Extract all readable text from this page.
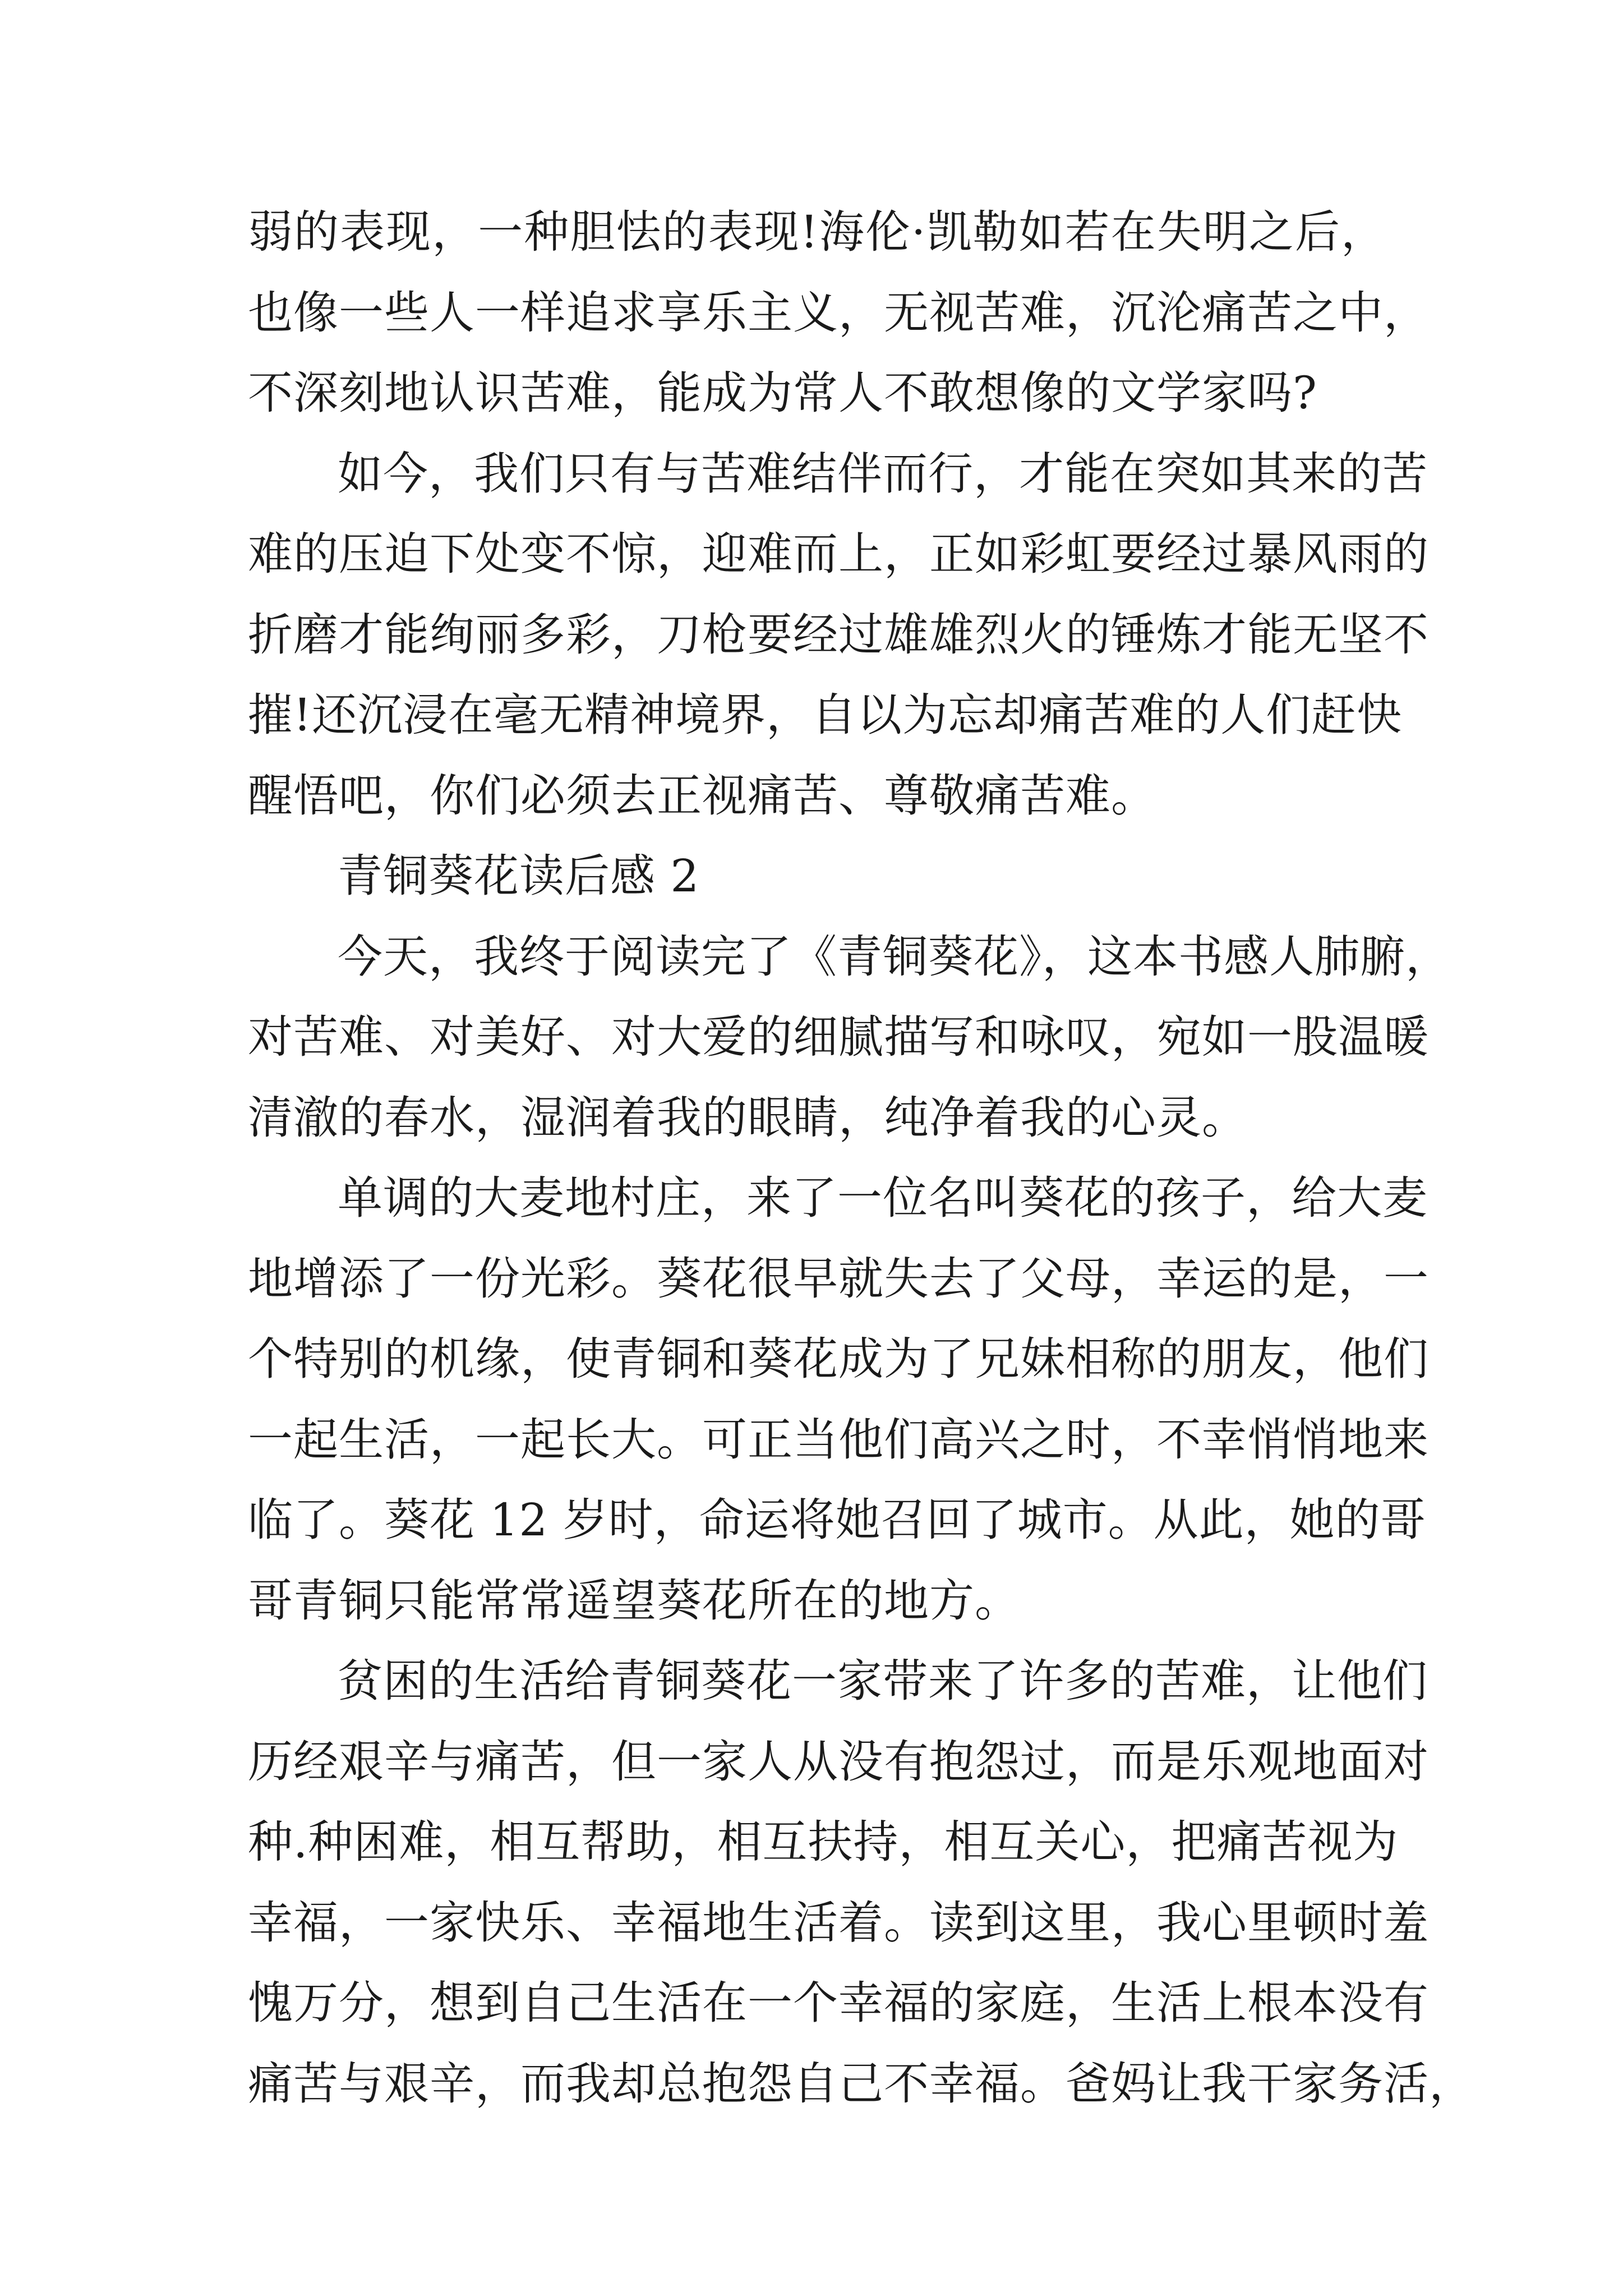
弱的表现，一种胆怯的表现!海伦·凯勒如若在失明之后，
也像一些人一样追求享乐主义，无视苦难，沉沦痛苦之中，
不深刻地认识苦难，能成为常人不敢想像的文学家吗?
如今，我们只有与苦难结伴而行，才能在突如其来的苦
难的压迫下处变不惊，迎难而上，正如彩虹要经过暴风雨的
折磨才能绚丽多彩，刀枪要经过雄雄烈火的锤炼才能无坚不
摧!还沉浸在毫无精神境界，自以为忘却痛苦难的人们赶快
醒悟吧，你们必须去正视痛苦、尊敬痛苦难。
青铜葵花读后感 2
今天，我终于阅读完了《青铜葵花》，这本书感人肺腑，
对苦难、对美好、对大爱的细腻描写和咏叹，宛如一股温暖
清澈的春水，湿润着我的眼睛，纯净着我的心灵。
单调的大麦地村庄，来了一位名叫葵花的孩子，给大麦
地增添了一份光彩。葵花很早就失去了父母，幸运的是，一
个特别的机缘，使青铜和葵花成为了兄妹相称的朋友，他们
一起生活，一起长大。可正当他们高兴之时，不幸悄悄地来
临了。葵花 12 岁时，命运将她召回了城市。从此，她的哥
哥青铜只能常常遥望葵花所在的地方。
贫困的生活给青铜葵花一家带来了许多的苦难，让他们
历经艰辛与痛苦，但一家人从没有抱怨过，而是乐观地面对
种.种困难，相互帮助，相互扶持，相互关心，把痛苦视为
幸福，一家快乐、幸福地生活着。读到这里，我心里顿时羞
愧万分，想到自己生活在一个幸福的家庭，生活上根本没有
痛苦与艰辛，而我却总抱怨自己不幸福。爸妈让我干家务活，
